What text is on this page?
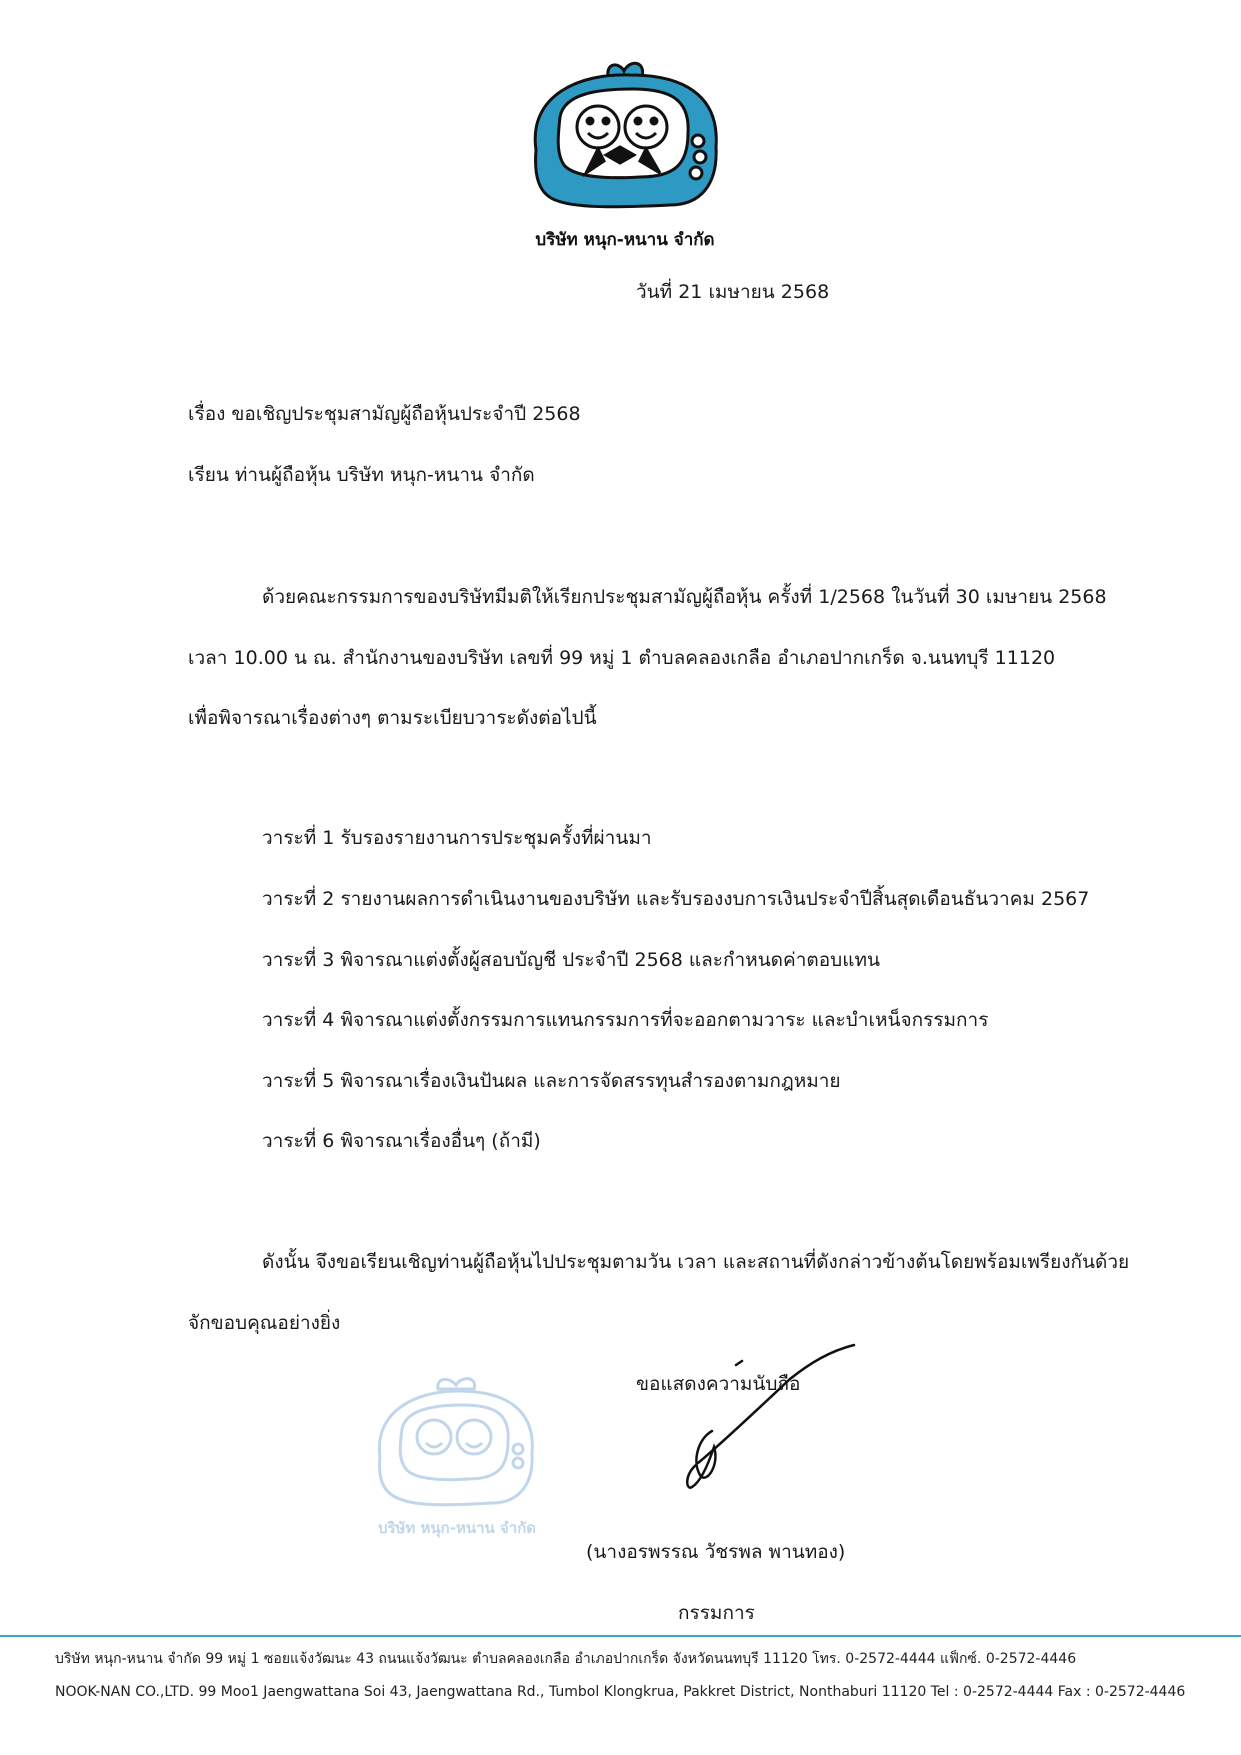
บริษัท หนุก-หนาน จำกัด
วันที่ 21 เมษายน 2568
เรื่อง ขอเชิญประชุมสามัญผู้ถือหุ้นประจำปี 2568
เรียน ท่านผู้ถือหุ้น บริษัท หนุก-หนาน จำกัด
ด้วยคณะกรรมการของบริษัทมีมติให้เรียกประชุมสามัญผู้ถือหุ้น ครั้งที่ 1/2568 ในวันที่ 30 เมษายน 2568
เวลา 10.00 น ณ. สำนักงานของบริษัท เลขที่ 99 หมู่ 1 ตำบลคลองเกลือ อำเภอปากเกร็ด จ.นนทบุรี 11120
เพื่อพิจารณาเรื่องต่างๆ ตามระเบียบวาระดังต่อไปนี้
วาระที่ 1 รับรองรายงานการประชุมครั้งที่ผ่านมา
วาระที่ 2 รายงานผลการดำเนินงานของบริษัท และรับรองงบการเงินประจำปีสิ้นสุดเดือนธันวาคม 2567
วาระที่ 3 พิจารณาแต่งตั้งผู้สอบบัญชี ประจำปี 2568 และกำหนดค่าตอบแทน
วาระที่ 4 พิจารณาแต่งตั้งกรรมการแทนกรรมการที่จะออกตามวาระ และบำเหน็จกรรมการ
วาระที่ 5 พิจารณาเรื่องเงินปันผล และการจัดสรรทุนสำรองตามกฎหมาย
วาระที่ 6 พิจารณาเรื่องอื่นๆ (ถ้ามี)
ดังนั้น จึงขอเรียนเชิญท่านผู้ถือหุ้นไปประชุมตามวัน เวลา และสถานที่ดังกล่าวข้างต้นโดยพร้อมเพรียงกันด้วย
จักขอบคุณอย่างยิ่ง
ขอแสดงความนับถือ
บริษัท หนุก-หนาน จำกัด
(นางอรพรรณ วัชรพล พานทอง)
กรรมการ
บริษัท หนุก-หนาน จำกัด 99 หมู่ 1 ซอยแจ้งวัฒนะ 43 ถนนแจ้งวัฒนะ ตำบลคลองเกลือ อำเภอปากเกร็ด จังหวัดนนทบุรี 11120 โทร. 0-2572-4444 แฟ็กซ์. 0-2572-4446
NOOK-NAN CO.,LTD. 99 Moo1 Jaengwattana Soi 43, Jaengwattana Rd., Tumbol Klongkrua, Pakkret District, Nonthaburi 11120 Tel : 0-2572-4444 Fax : 0-2572-4446
